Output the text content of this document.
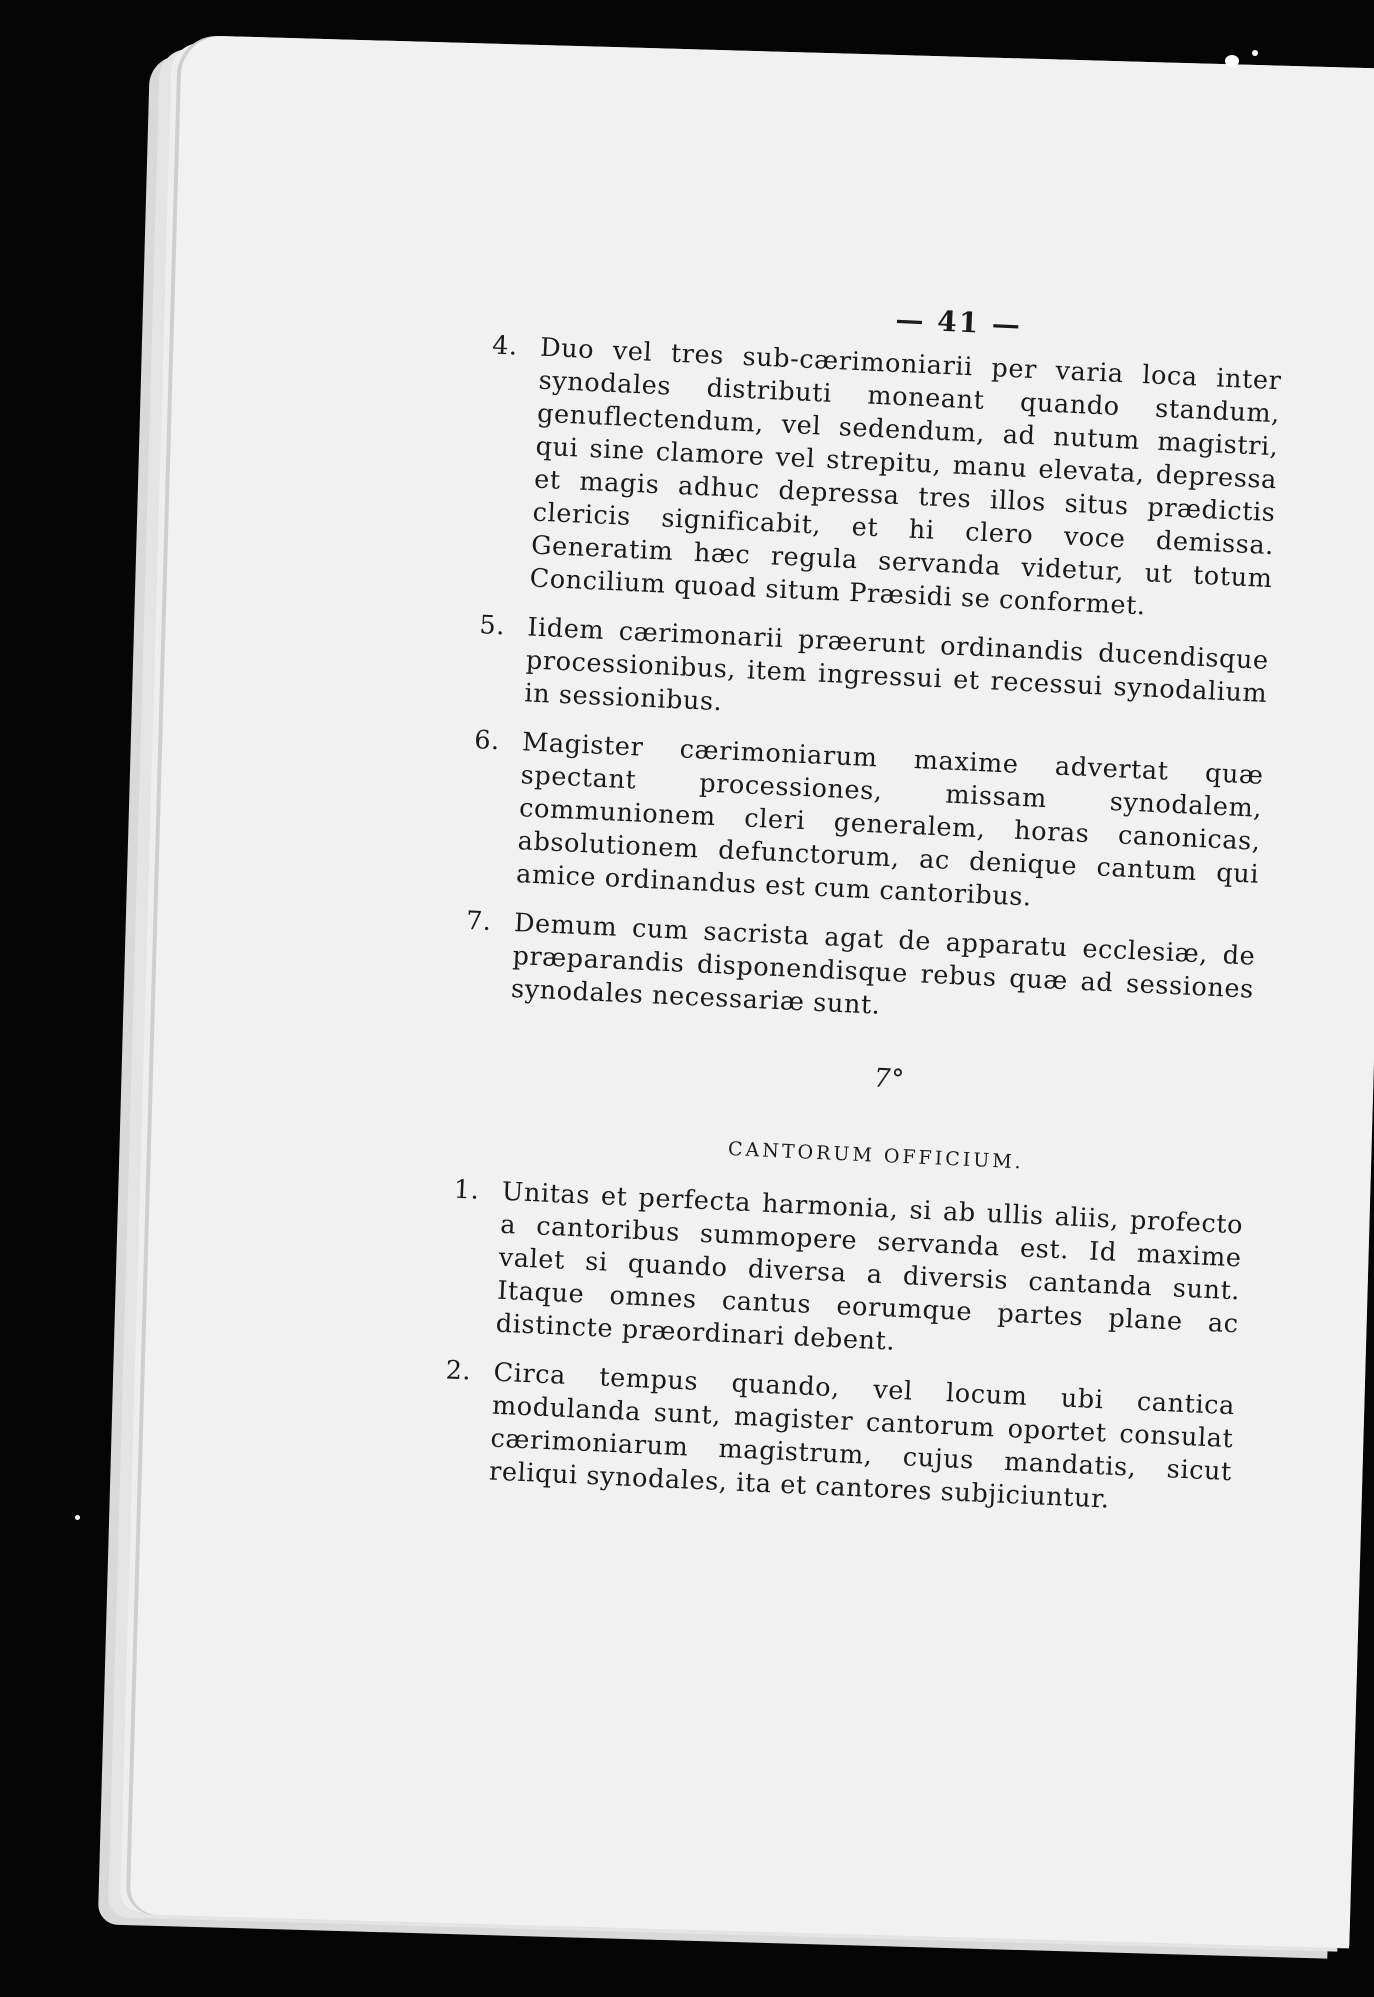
— 41 —
4. Duo vel tres sub-cærimoniarii per varia loca inter synodales distributi moneant quando standum, genuflectendum, vel sedendum, ad nutum magistri, qui sine clamore vel strepitu, manu elevata, depressa et magis adhuc depressa tres illos situs prædictis clericis significabit, et hi clero voce demissa. Generatim hæc regula servanda videtur, ut totum Concilium quoad situm Præsidi se conformet.
5. Iidem cærimonarii præerunt ordinandis ducendisque processionibus, item ingressui et recessui synodalium in sessionibus.
6. Magister cærimoniarum maxime advertat quæ spectant processiones, missam synodalem, communionem cleri generalem, horas canonicas, absolutionem defunctorum, ac denique cantum qui amice ordinandus est cum cantoribus.
7. Demum cum sacrista agat de apparatu ecclesiæ, de præparandis disponendisque rebus quæ ad sessiones synodales necessariæ sunt.
7°
CANTORUM OFFICIUM.
1. Unitas et perfecta harmonia, si ab ullis aliis, profecto a cantoribus summopere servanda est. Id maxime valet si quando diversa a diversis cantanda sunt. Itaque omnes cantus eorumque partes plane ac distincte præordinari debent.
2. Circa tempus quando, vel locum ubi cantica modulanda sunt, magister cantorum oportet consulat cærimoniarum magistrum, cujus mandatis, sicut reliqui synodales, ita et cantores subjiciuntur.
